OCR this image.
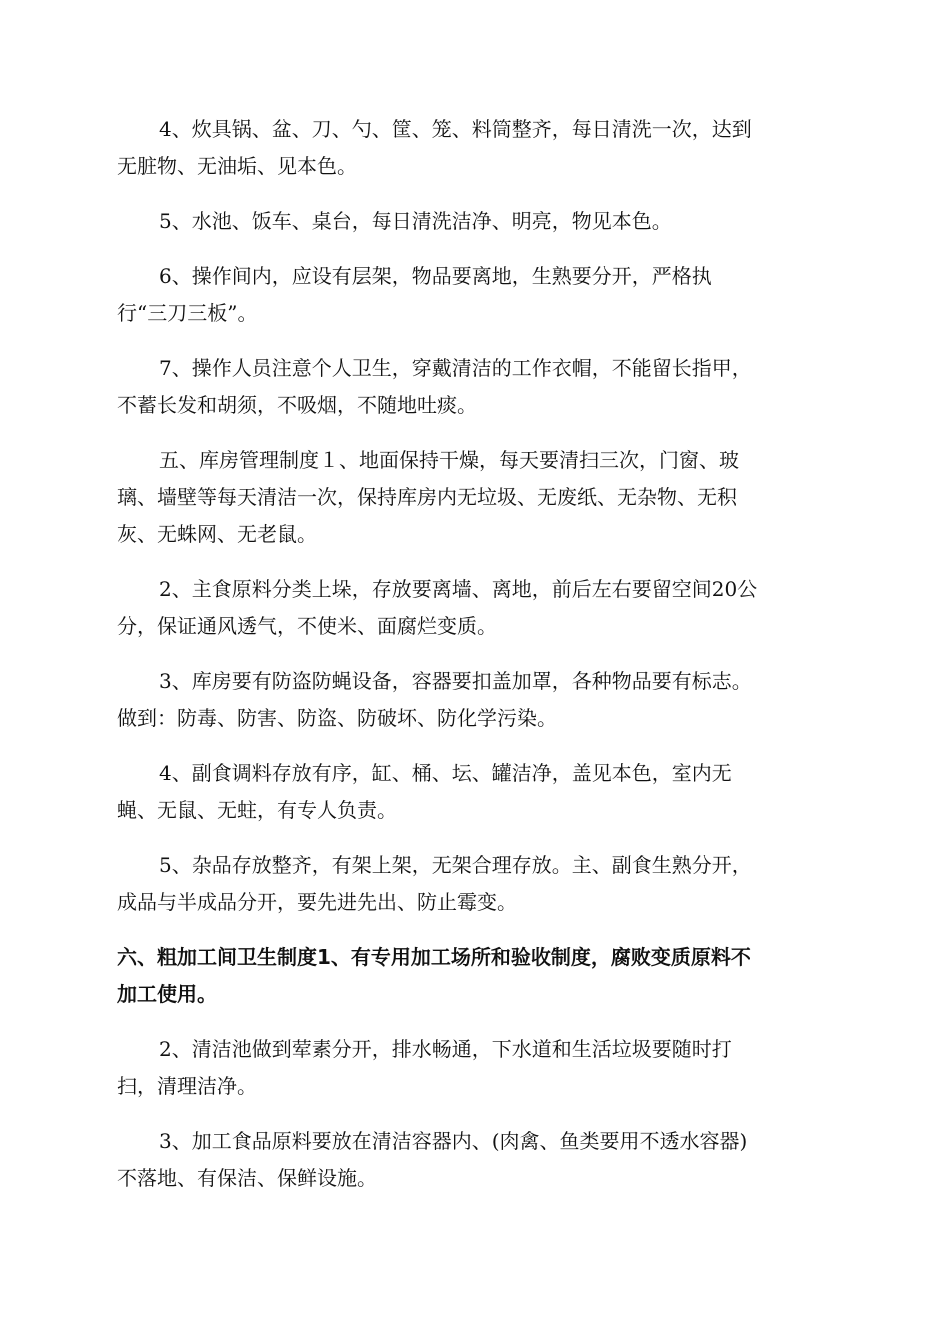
4、炊具锅、盆、刀、勺、筐、笼、料筒整齐，每日清洗一次，达到
无脏物、无油垢、见本色。

5、水池、饭车、桌台，每日清洗洁净、明亮，物见本色。

6、操作间内，应设有层架，物品要离地，生熟要分开，严格执
行“三刀三板”。

7、操作人员注意个人卫生，穿戴清洁的工作衣帽，不能留长指甲，
不蓄长发和胡须，不吸烟，不随地吐痰。

五、库房管理制度１、地面保持干燥，每天要清扫三次，门窗、玻
璃、墙壁等每天清洁一次，保持库房内无垃圾、无废纸、无杂物、无积
灰、无蛛网、无老鼠。

2、主食原料分类上垛，存放要离墙、离地，前后左右要留空间20公
分，保证通风透气，不使米、面腐烂变质。

3、库房要有防盗防蝇设备，容器要扣盖加罩，各种物品要有标志。
做到：防毒、防害、防盗、防破坏、防化学污染。

4、副食调料存放有序，缸、桶、坛、罐洁净，盖见本色，室内无
蝇、无鼠、无蛀，有专人负责。

5、杂品存放整齐，有架上架，无架合理存放。主、副食生熟分开，
成品与半成品分开，要先进先出、防止霉变。

六、粗加工间卫生制度1、有专用加工场所和验收制度，腐败变质原料不
加工使用。

2、清洁池做到荤素分开，排水畅通，下水道和生活垃圾要随时打
扫，清理洁净。

3、加工食品原料要放在清洁容器内、(肉禽、鱼类要用不透水容器)
不落地、有保洁、保鲜设施。
